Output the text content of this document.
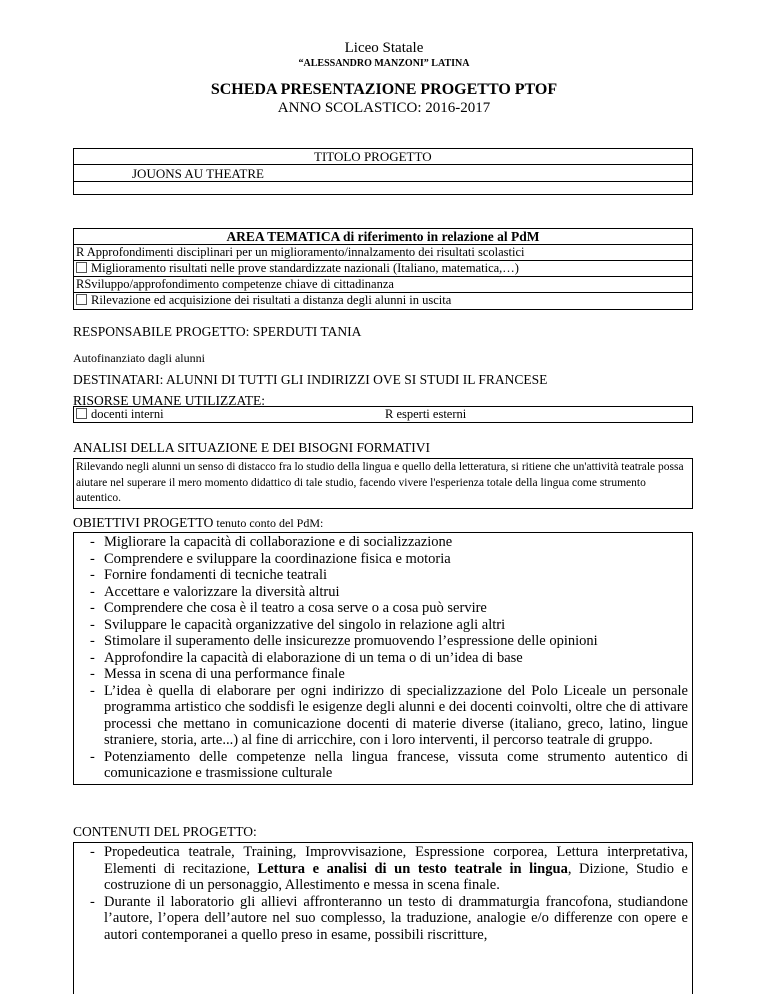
Liceo Statale
“ALESSANDRO MANZONI” LATINA
SCHEDA PRESENTAZIONE PROGETTO PTOF
ANNO SCOLASTICO: 2016-2017
TITOLO PROGETTO
JOUONS AU THEATRE
AREA TEMATICA di riferimento in relazione al PdM
R Approfondimenti disciplinari per un miglioramento/innalzamento dei risultati scolastici
Miglioramento risultati nelle prove standardizzate nazionali (Italiano, matematica,…)
RSviluppo/approfondimento competenze chiave di cittadinanza
Rilevazione ed acquisizione dei risultati a distanza degli alunni in uscita
RESPONSABILE PROGETTO: SPERDUTI TANIA
Autofinanziato dagli alunni
DESTINATARI: ALUNNI DI TUTTI GLI INDIRIZZI OVE SI STUDI IL FRANCESE
RISORSE UMANE UTILIZZATE:
docenti interni	R esperti esterni
ANALISI DELLA SITUAZIONE E DEI BISOGNI FORMATIVI
Rilevando negli alunni un senso di distacco fra lo studio della lingua e quello della letteratura, si ritiene che un'attività teatrale possa aiutare nel superare il mero momento didattico di tale studio, facendo vivere l'esperienza totale della lingua come strumento autentico.
OBIETTIVI PROGETTO tenuto conto del PdM:
- Migliorare la capacità di collaborazione e di socializzazione
- Comprendere e sviluppare la coordinazione fisica e motoria
- Fornire fondamenti di tecniche teatrali
- Accettare e valorizzare la diversità altrui
- Comprendere che cosa è il teatro a cosa serve o a cosa può servire
- Sviluppare le capacità organizzative del singolo in relazione agli altri
- Stimolare il superamento delle insicurezze promuovendo l’espressione delle opinioni
- Approfondire la capacità di elaborazione di un tema o di un’idea di base
- Messa in scena di una performance finale
- L’idea è quella di elaborare per ogni indirizzo di specializzazione del Polo Liceale un personale programma artistico che soddisfi le esigenze degli alunni e dei docenti coinvolti, oltre che di attivare processi che mettano in comunicazione docenti di materie diverse (italiano, greco, latino, lingue straniere, storia, arte...) al fine di arricchire, con i loro interventi, il percorso teatrale di gruppo.
- Potenziamento delle competenze nella lingua francese, vissuta come strumento autentico di comunicazione e trasmissione culturale
CONTENUTI DEL PROGETTO:
- Propedeutica teatrale, Training, Improvvisazione, Espressione corporea, Lettura interpretativa, Elementi di recitazione, Lettura e analisi di un testo teatrale in lingua, Dizione, Studio e costruzione di un personaggio, Allestimento e messa in scena finale.
- Durante il laboratorio gli allievi affronteranno un testo di drammaturgia francofona, studiandone l’autore, l’opera dell’autore nel suo complesso, la traduzione, analogie e/o differenze con opere e autori contemporanei a quello preso in esame, possibili riscritture,
